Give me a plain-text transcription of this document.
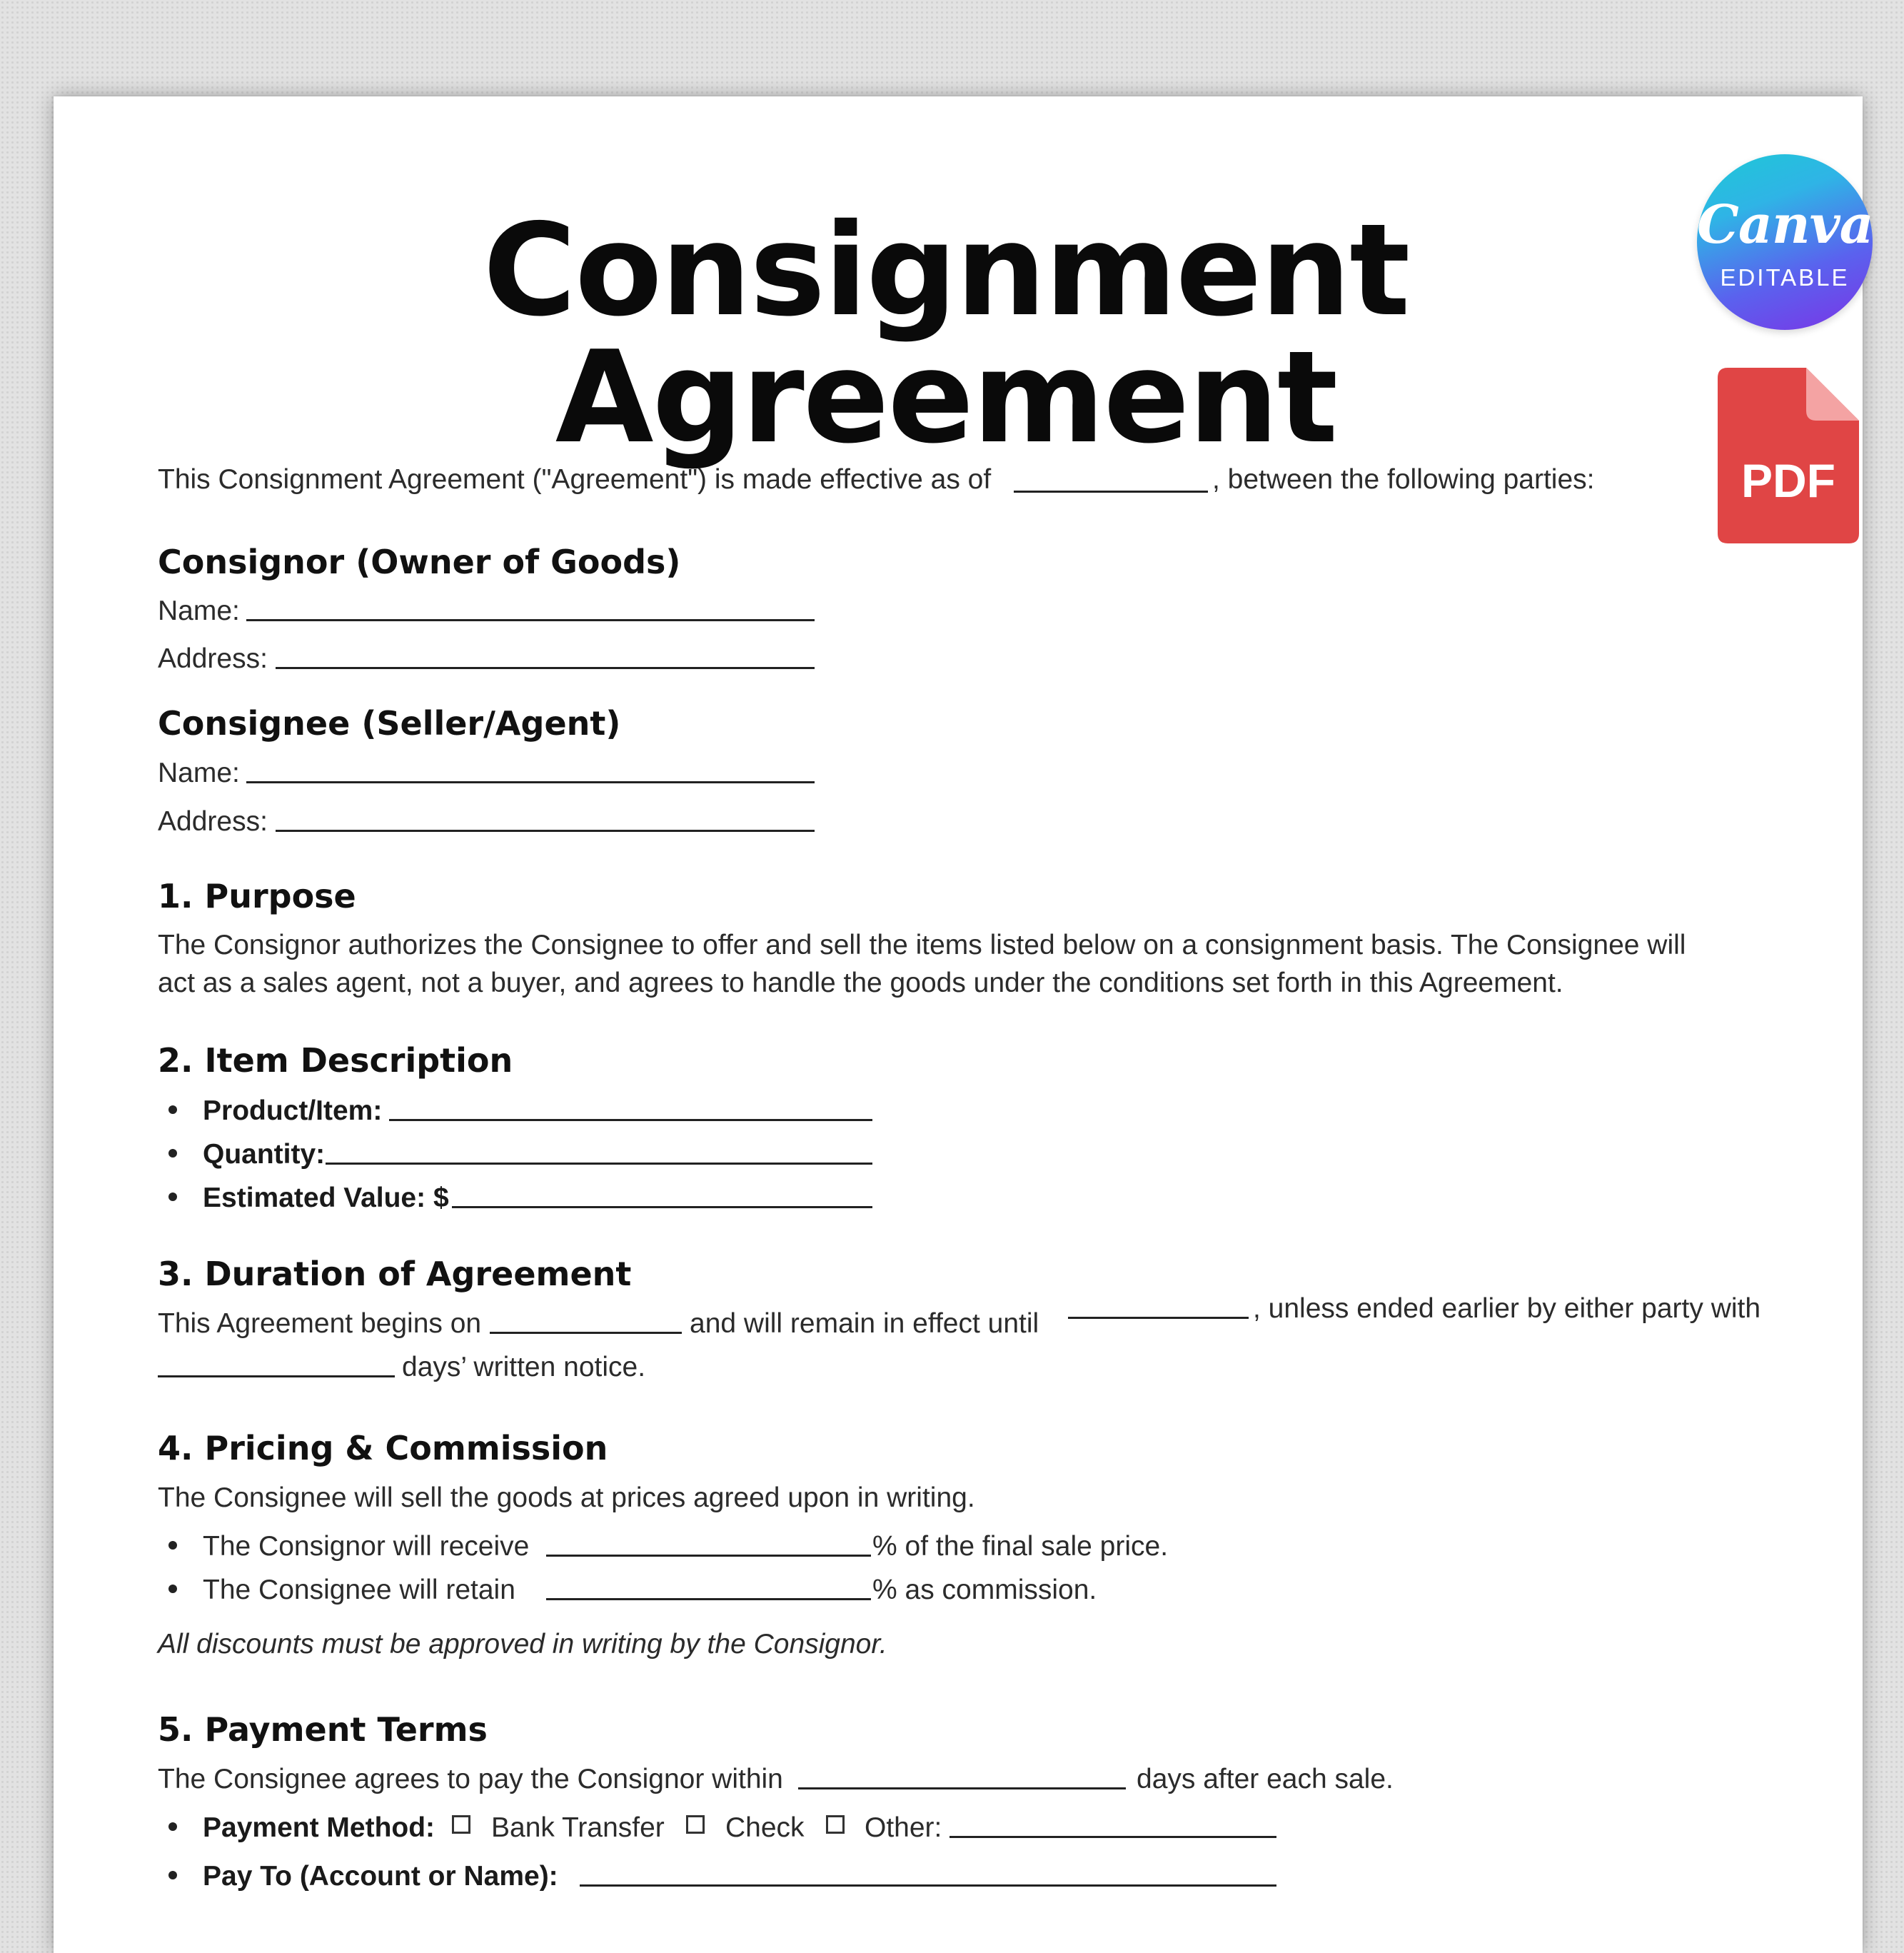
Consignment Agreement
Canva
EDITABLE
PDF
This Consignment Agreement ("Agreement") is made effective as of	, between the following parties:
Consignor (Owner of Goods)
Name:
Address:
Consignee (Seller/Agent)
Name:
Address:
1. Purpose
The Consignor authorizes the Consignee to offer and sell the items listed below on a consignment basis. The Consignee will
act as a sales agent, not a buyer, and agrees to handle the goods under the conditions set forth in this Agreement.
2. Item Description
Product/Item:
Quantity:
Estimated Value: $
3. Duration of Agreement
This Agreement begins on	and will remain in effect until	, unless ended earlier by either party with
days’ written notice.
4. Pricing & Commission
The Consignee will sell the goods at prices agreed upon in writing.
The Consignor will receive	% of the final sale price.
The Consignee will retain	% as commission.
All discounts must be approved in writing by the Consignor.
5. Payment Terms
The Consignee agrees to pay the Consignor within	days after each sale.
Payment Method: Bank Transfer Check Other:
Pay To (Account or Name):
